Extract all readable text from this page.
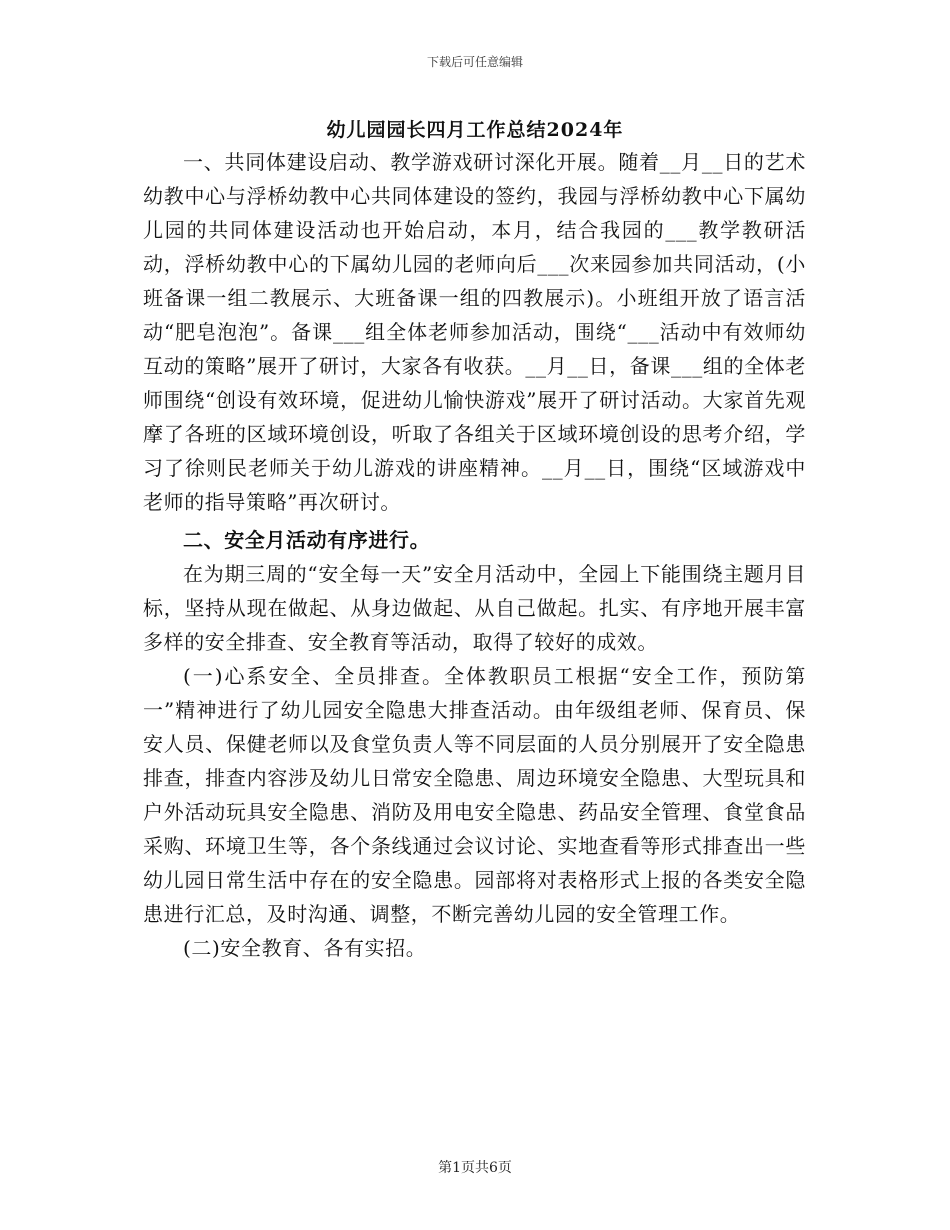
下载后可任意编辑
幼儿园园长四月工作总结2024年

一、共同体建设启动、教学游戏研讨深化开展。随着__月__日的艺术幼教中心与浮桥幼教中心共同体建设的签约，我园与浮桥幼教中心下属幼儿园的共同体建设活动也开始启动，本月，结合我园的___教学教研活动，浮桥幼教中心的下属幼儿园的老师向后___次来园参加共同活动，(小班备课一组二教展示、大班备课一组的四教展示)。小班组开放了语言活动“肥皂泡泡”。备课___组全体老师参加活动，围绕“___活动中有效师幼互动的策略”展开了研讨，大家各有收获。__月__日，备课___组的全体老师围绕“创设有效环境，促进幼儿愉快游戏”展开了研讨活动。大家首先观摩了各班的区域环境创设，听取了各组关于区域环境创设的思考介绍，学习了徐则民老师关于幼儿游戏的讲座精神。__月__日，围绕“区域游戏中老师的指导策略”再次研讨。

二、安全月活动有序进行。

在为期三周的“安全每一天”安全月活动中，全园上下能围绕主题月目标，坚持从现在做起、从身边做起、从自己做起。扎实、有序地开展丰富多样的安全排查、安全教育等活动，取得了较好的成效。

(一)心系安全、全员排查。全体教职员工根据“安全工作，预防第一”精神进行了幼儿园安全隐患大排查活动。由年级组老师、保育员、保安人员、保健老师以及食堂负责人等不同层面的人员分别展开了安全隐患排查，排查内容涉及幼儿日常安全隐患、周边环境安全隐患、大型玩具和户外活动玩具安全隐患、消防及用电安全隐患、药品安全管理、食堂食品采购、环境卫生等，各个条线通过会议讨论、实地查看等形式排查出一些幼儿园日常生活中存在的安全隐患。园部将对表格形式上报的各类安全隐患进行汇总，及时沟通、调整，不断完善幼儿园的安全管理工作。

(二)安全教育、各有实招。

第1页共6页
